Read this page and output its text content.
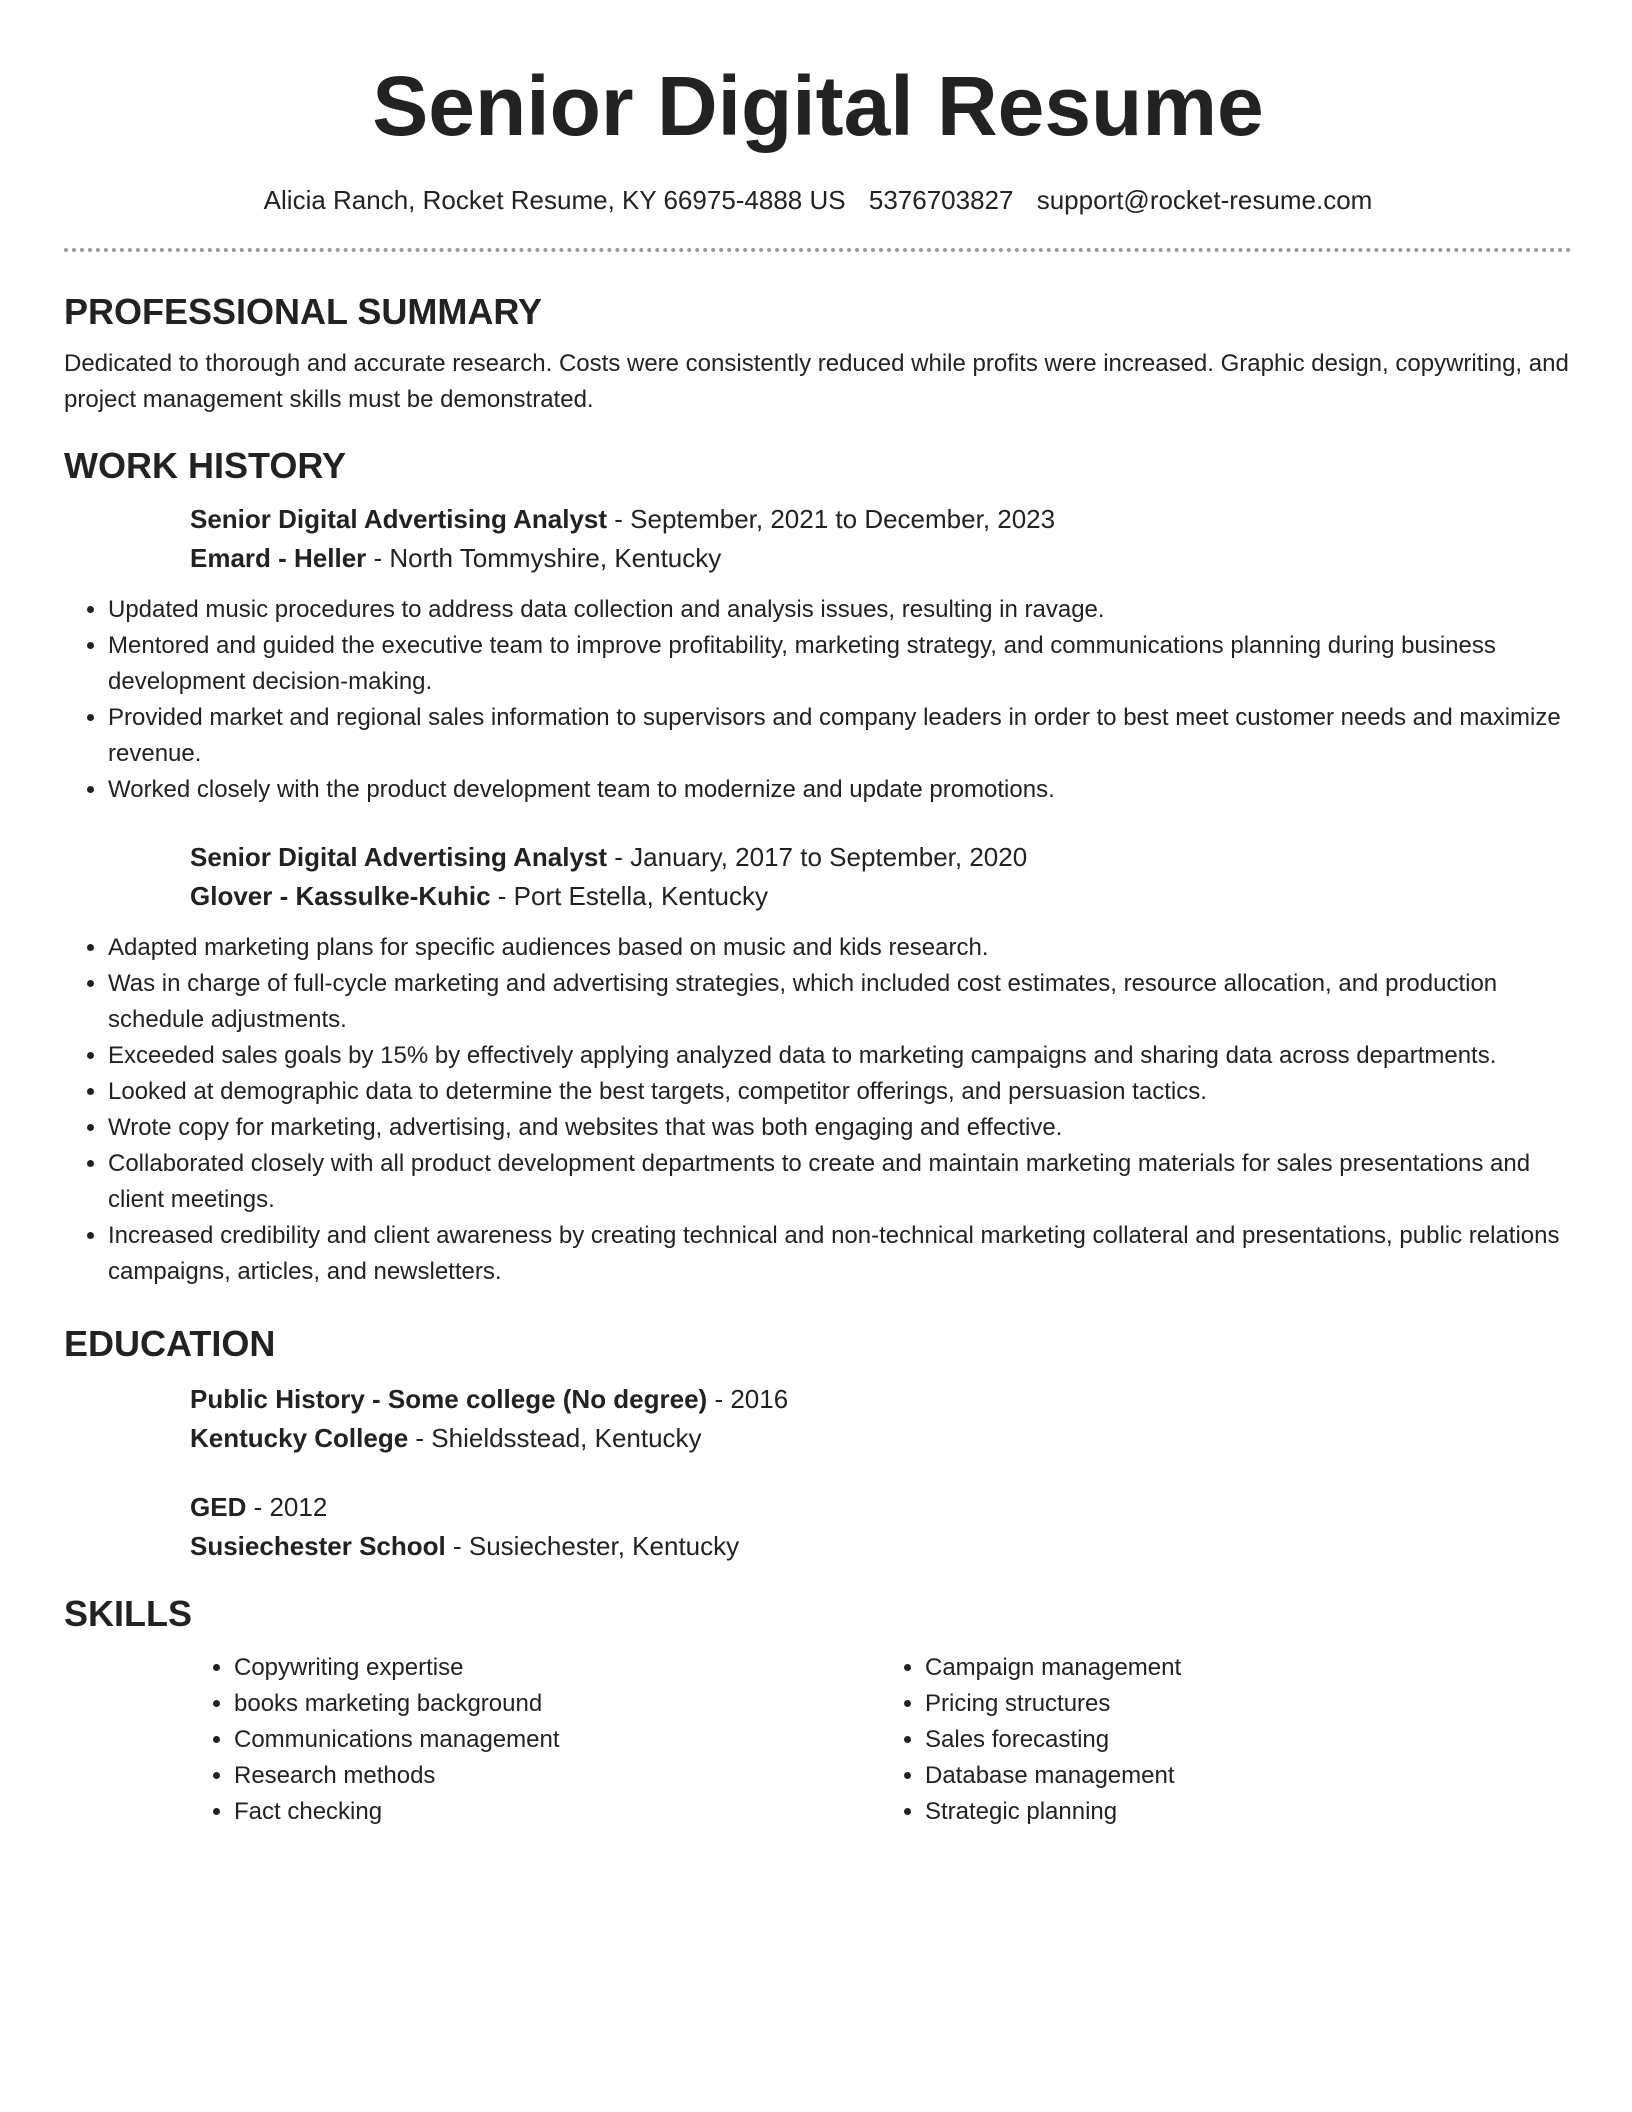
Senior Digital Resume
Alicia Ranch, Rocket Resume, KY 66975-4888 US 5376703827 support@rocket-resume.com
PROFESSIONAL SUMMARY

Dedicated to thorough and accurate research. Costs were consistently reduced while profits were increased. Graphic design, copywriting, and project management skills must be demonstrated.

WORK HISTORY

Senior Digital Advertising Analyst - September, 2021 to December, 2023

Emard - Heller - North Tommyshire, Kentucky

• Updated music procedures to address data collection and analysis issues, resulting in ravage.
• Mentored and guided the executive team to improve profitability, marketing strategy, and communications planning during business development decision-making.
• Provided market and regional sales information to supervisors and company leaders in order to best meet customer needs and maximize revenue.
• Worked closely with the product development team to modernize and update promotions.

Senior Digital Advertising Analyst - January, 2017 to September, 2020

Glover - Kassulke-Kuhic - Port Estella, Kentucky

• Adapted marketing plans for specific audiences based on music and kids research.
• Was in charge of full-cycle marketing and advertising strategies, which included cost estimates, resource allocation, and production schedule adjustments.
• Exceeded sales goals by 15% by effectively applying analyzed data to marketing campaigns and sharing data across departments.
• Looked at demographic data to determine the best targets, competitor offerings, and persuasion tactics.
• Wrote copy for marketing, advertising, and websites that was both engaging and effective.
• Collaborated closely with all product development departments to create and maintain marketing materials for sales presentations and client meetings.
• Increased credibility and client awareness by creating technical and non-technical marketing collateral and presentations, public relations campaigns, articles, and newsletters.
EDUCATION

Public History - Some college (No degree) - 2016

Kentucky College - Shieldsstead, Kentucky

GED - 2012

Susiechester School - Susiechester, Kentucky

SKILLS
• Copywriting expertise
• books marketing background
• Communications management
• Research methods
• Fact checking
• Campaign management
• Pricing structures
• Sales forecasting
• Database management
• Strategic planning
